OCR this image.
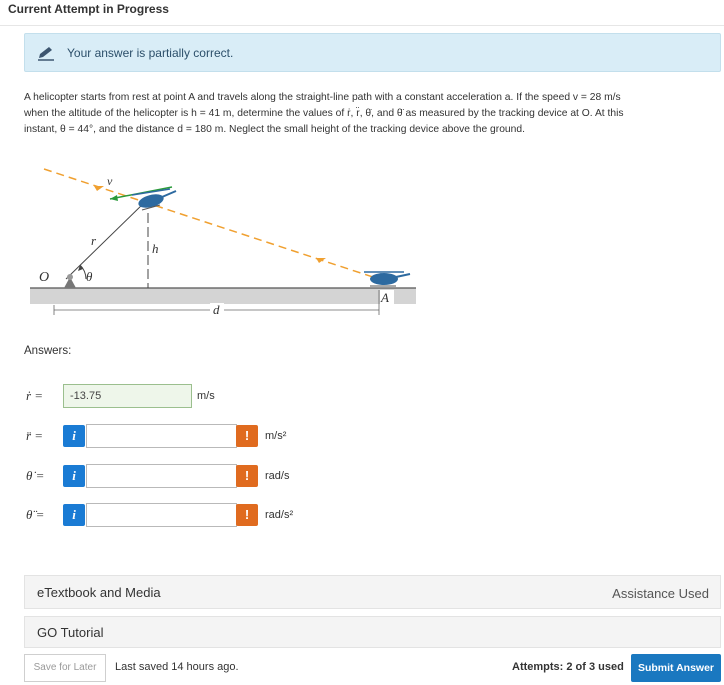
Current Attempt in Progress
Your answer is partially correct.
A helicopter starts from rest at point A and travels along the straight-line path with a constant acceleration a. If the speed v = 28 m/s
when the altitude of the helicopter is h = 41 m, determine the values of ṙ, r̈, θ̇, and θ̈ as measured by the tracking device at O. At this
instant, θ = 44°, and the distance d = 180 m. Neglect the small height of the tracking device above the ground.
d
O	θ
r
v
h
A
Answers:
ṙ =	-13.75	m/s
r̈ =	i	!	m/s²
θ̇ =	i	!	rad/s
θ̈ =	i	!	rad/s²
eTextbook and Media	Assistance Used
GO Tutorial
Save for Later	Last saved 14 hours ago.	Attempts: 2 of 3 used	Submit Answer
